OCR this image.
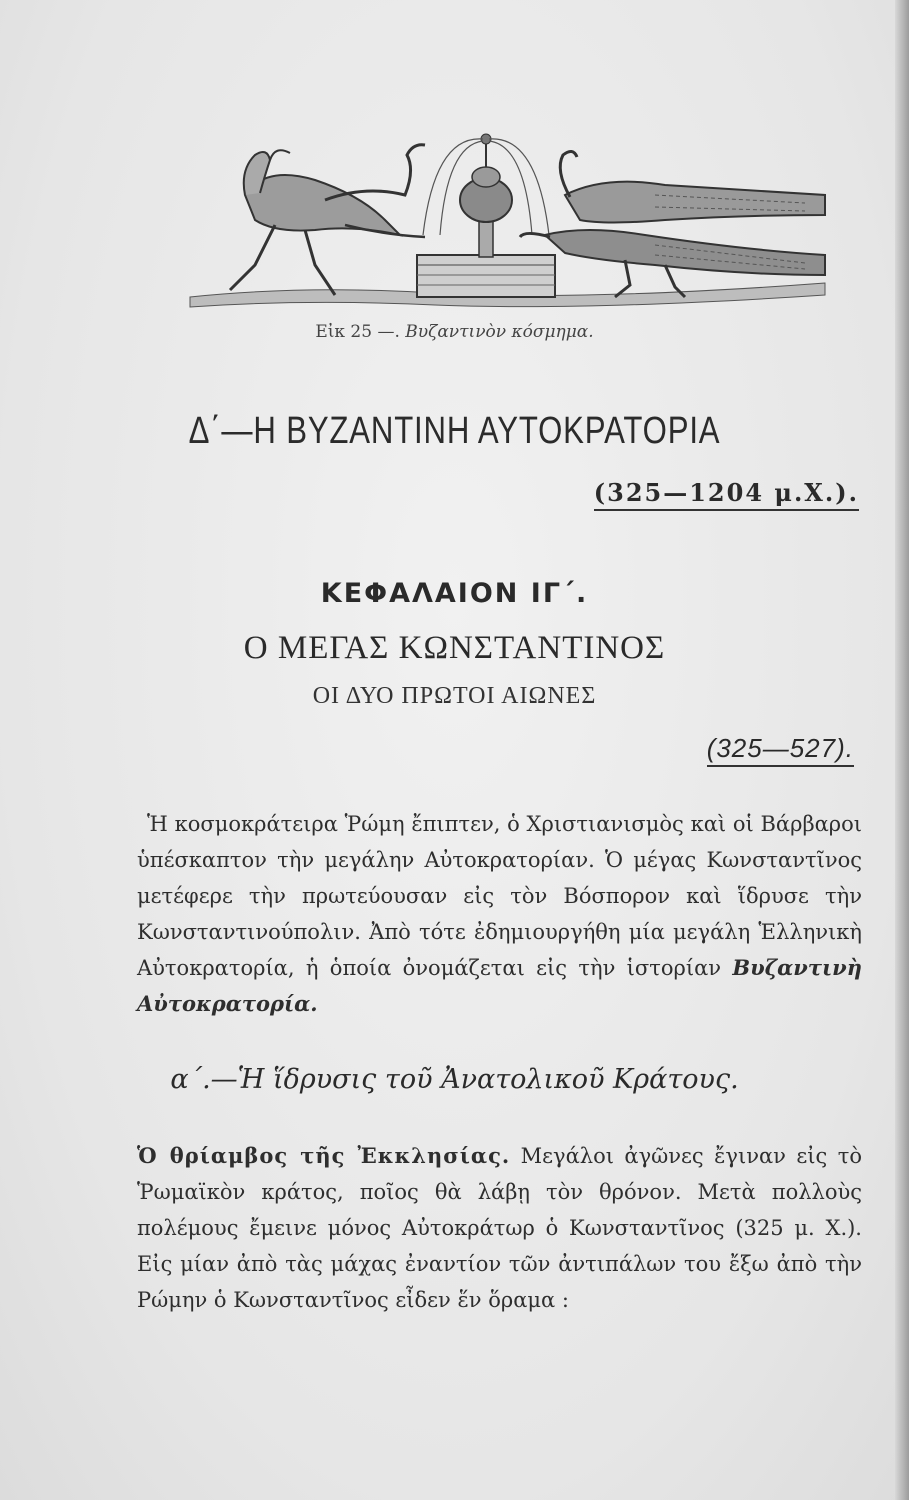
Εἰκ 25 —. Βυζαντινὸν κόσμημα.
Δ΄—Η ΒΥΖΑΝΤΙΝΗ ΑΥΤΟΚΡΑΤΟΡΙΑ
(325—1204 μ.Χ.).
ΚΕΦΑΛΑΙΟΝ ΙΓ΄.
Ο ΜΕΓΑΣ ΚΩΝΣΤΑΝΤΙΝΟΣ
ΟΙ ΔΥΟ ΠΡΩΤΟΙ ΑΙΩΝΕΣ
(325—527).

Ἡ κοσμοκράτειρα Ῥώμη ἔπιπτεν, ὁ Χριστιανισμὸς καὶ οἱ Βάρβαροι ὑπέσκαπτον τὴν μεγάλην Αὐτοκρατορίαν. Ὁ μέγας Κωνσταντῖνος μετέφερε τὴν πρωτεύουσαν εἰς τὸν Βόσπορον καὶ ἵδρυσε τὴν Κωνσταντινούπολιν. Ἀπὸ τότε ἐδημιουργήθη μία μεγάλη Ἑλληνικὴ Αὐτοκρατορία, ἡ ὁποία ὀνομάζεται εἰς τὴν ἱστορίαν Βυζαντινὴ Αὐτοκρατορία.

α΄.—Ἡ ἵδρυσις τοῦ Ἀνατολικοῦ Κράτους.

Ὁ θρίαμβος τῆς Ἐκκλησίας. Μεγάλοι ἀγῶνες ἔγιναν εἰς τὸ Ῥωμαϊκὸν κράτος, ποῖος θὰ λάβῃ τὸν θρόνον. Μετὰ πολλοὺς πολέμους ἔμεινε μόνος Αὐτοκράτωρ ὁ Κωνσταντῖνος (325 μ. Χ.). Εἰς μίαν ἀπὸ τὰς μάχας ἐναντίον τῶν ἀντιπάλων του ἔξω ἀπὸ τὴν Ρώμην ὁ Κωνσταντῖνος εἶδεν ἕν ὅραμα :
